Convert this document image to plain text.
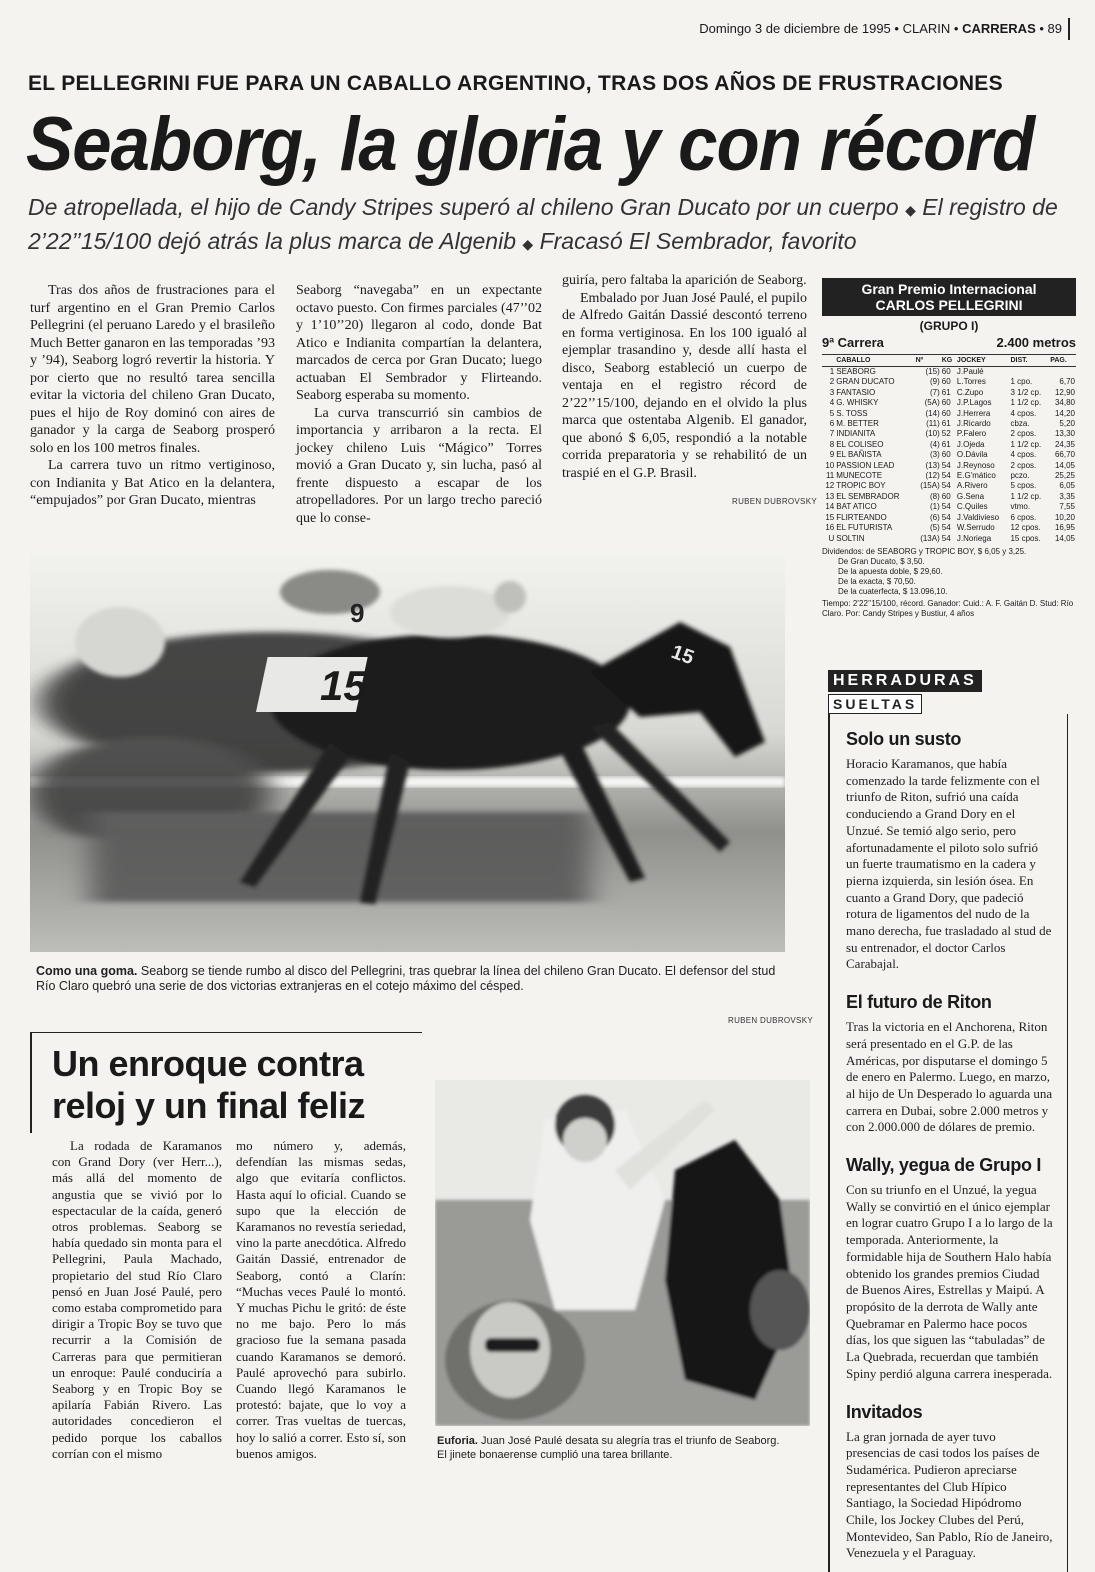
Domingo 3 de diciembre de 1995 • CLARIN • CARRERAS • 89
EL PELLEGRINI FUE PARA UN CABALLO ARGENTINO, TRAS DOS AÑOS DE FRUSTRACIONES
Seaborg, la gloria y con récord
De atropellada, el hijo de Candy Stripes superó al chileno Gran Ducato por un cuerpo ◆ El registro de 2’22’’15/100 dejó atrás la plus marca de Algenib ◆ Fracasó El Sembrador, favorito

Tras dos años de frustraciones para el turf argentino en el Gran Premio Carlos Pellegrini (el peruano Laredo y el brasileño Much Better ganaron en las temporadas ’93 y ’94), Seaborg logró revertir la historia. Y por cierto que no resultó tarea sencilla evitar la victoria del chileno Gran Ducato, pues el hijo de Roy dominó con aires de ganador y la carga de Seaborg prosperó solo en los 100 metros finales.

La carrera tuvo un ritmo vertiginoso, con Indianita y Bat Atico en la delantera, “empujados” por Gran Ducato, mientras

Seaborg “navegaba” en un expectante octavo puesto. Con firmes parciales (47’’02 y 1’10’’20) llegaron al codo, donde Bat Atico e Indianita compartían la delantera, marcados de cerca por Gran Ducato; luego actuaban El Sembrador y Flirteando. Seaborg esperaba su momento.

La curva transcurrió sin cambios de importancia y arribaron a la recta. El jockey chileno Luis “Mágico” Torres movió a Gran Ducato y, sin lucha, pasó al frente dispuesto a escapar de los atropelladores. Por un largo trecho pareció que lo conse-

guiría, pero faltaba la aparición de Seaborg.

Embalado por Juan José Paulé, el pupilo de Alfredo Gaitán Dassié descontó terreno en forma vertiginosa. En los 100 igualó al ejemplar trasandino y, desde allí hasta el disco, Seaborg estableció un cuerpo de ventaja en el registro récord de 2’22’’15/100, dejando en el olvido la plus marca que ostentaba Algenib. El ganador, que abonó $ 6,05, respondió a la notable corrida preparatoria y se rehabilitó de un traspié en el G.P. Brasil.

RUBEN DUBROVSKY
Gran Premio Internacional
CARLOS PELLEGRINI
(GRUPO I)
9ª Carrera	2.400 metros
	CABALLO	Nº	KG	JOCKEY	DIST.	PAG.
1	SEABORG	(15)	60	J.Paulé		
2	GRAN DUCATO	(9)	60	L.Torres	1 cpo.	6,70
3	FANTASIO	(7)	61	C.Zupo	3 1/2 cp.	12,90
4	G. WHISKY	(5A)	60	J.P.Lagos	1 1/2 cp.	34,80
5	S. TOSS	(14)	60	J.Herrera	4 cpos.	14,20
6	M. BETTER	(11)	61	J.Ricardo	cbza.	5,20
7	INDIANITA	(10)	52	P.Falero	2 cpos.	13,30
8	EL COLISEO	(4)	61	J.Ojeda	1 1/2 cp.	24,35
9	EL BAÑISTA	(3)	60	O.Dávila	4 cpos.	66,70
10	PASSION LEAD	(13)	54	J.Reynoso	2 cpos.	14,05
11	MUNECOTE	(12)	54	E.G'mático	pczo.	25,25
12	TROPIC BOY	(15A)	54	A.Rivero	5 cpos.	6,05
13	EL SEMBRADOR	(8)	60	G.Sena	1 1/2 cp.	3,35
14	BAT ATICO	(1)	54	C.Quiles	vtmo.	7,55
15	FLIRTEANDO	(6)	54	J.Valdivieso	6 cpos.	10,20
16	EL FUTURISTA	(5)	54	W.Serrudo	12 cpos.	16,95
U	SOLTIN	(13A)	54	J.Noriega	15 cpos.	14,05
Dividendos: de SEABORG y TROPIC BOY, $ 6,05 y 3,25.
De Gran Ducato, $ 3,50.
De la apuesta doble, $ 29,60.
De la exacta, $ 70,50.
De la cuaterfecta, $ 13.096,10.
Tiempo: 2’22’’15/100, récord. Ganador: Cuid.: A. F. Gaitán D. Stud: Río Claro. Por: Candy Stripes y Bustiur, 4 años
15
15
9
Como una goma. Seaborg se tiende rumbo al disco del Pellegrini, tras quebrar la línea del chileno Gran Ducato. El defensor del stud Río Claro quebró una serie de dos victorias extranjeras en el cotejo máximo del césped.
RUBEN DUBROVSKY
HERRADURAS
SUELTAS
Solo un susto
Horacio Karamanos, que había comenzado la tarde felizmente con el triunfo de Riton, sufrió una caída conduciendo a Grand Dory en el Unzué. Se temió algo serio, pero afortunadamente el piloto solo sufrió un fuerte traumatismo en la cadera y pierna izquierda, sin lesión ósea. En cuanto a Grand Dory, que padeció rotura de ligamentos del nudo de la mano derecha, fue trasladado al stud de su entrenador, el doctor Carlos Carabajal.
El futuro de Riton
Tras la victoria en el Anchorena, Riton será presentado en el G.P. de las Américas, por disputarse el domingo 5 de enero en Palermo. Luego, en marzo, al hijo de Un Desperado lo aguarda una carrera en Dubai, sobre 2.000 metros y con 2.000.000 de dólares de premio.
Wally, yegua de Grupo I
Con su triunfo en el Unzué, la yegua Wally se convirtió en el único ejemplar en lograr cuatro Grupo I a lo largo de la temporada. Anteriormente, la formidable hija de Southern Halo había obtenido los grandes premios Ciudad de Buenos Aires, Estrellas y Maipú. A propósito de la derrota de Wally ante Quebramar en Palermo hace pocos días, los que siguen las “tabuladas” de La Quebrada, recuerdan que también Spiny perdió alguna carrera inesperada.
Invitados
La gran jornada de ayer tuvo presencias de casi todos los países de Sudamérica. Pudieron apreciarse representantes del Club Hípico Santiago, la Sociedad Hipódromo Chile, los Jockey Clubes del Perú, Montevideo, San Pablo, Río de Janeiro, Venezuela y el Paraguay.
Un enroque contra
reloj y un final feliz

La rodada de Karamanos con Grand Dory (ver Herr...), más allá del momento de angustia que se vivió por lo espectacular de la caída, generó otros problemas. Seaborg se había quedado sin monta para el Pellegrini, Paula Machado, propietario del stud Río Claro pensó en Juan José Paulé, pero como estaba comprometido para dirigir a Tropic Boy se tuvo que recurrir a la Comisión de Carreras para que permitieran un enroque: Paulé conduciría a Seaborg y en Tropic Boy se apilaría Fabián Rivero. Las autoridades concedieron el pedido porque los caballos corrían con el mismo

mo número y, además, defendían las mismas sedas, algo que evitaría conflictos. Hasta aquí lo oficial. Cuando se supo que la elección de Karamanos no revestía seriedad, vino la parte anecdótica. Alfredo Gaitán Dassié, entrenador de Seaborg, contó a Clarín: “Muchas veces Paulé lo montó. Y muchas Pichu le gritó: de éste no me bajo. Pero lo más gracioso fue la semana pasada cuando Karamanos se demoró. Paulé aprovechó para subirlo. Cuando llegó Karamanos le protestó: bajate, que lo voy a correr. Tras vueltas de tuercas, hoy lo salió a correr. Esto sí, son buenos amigos.

Euforia. Juan José Paulé desata su alegría tras el triunfo de Seaborg. El jinete bonaerense cumplió una tarea brillante.
